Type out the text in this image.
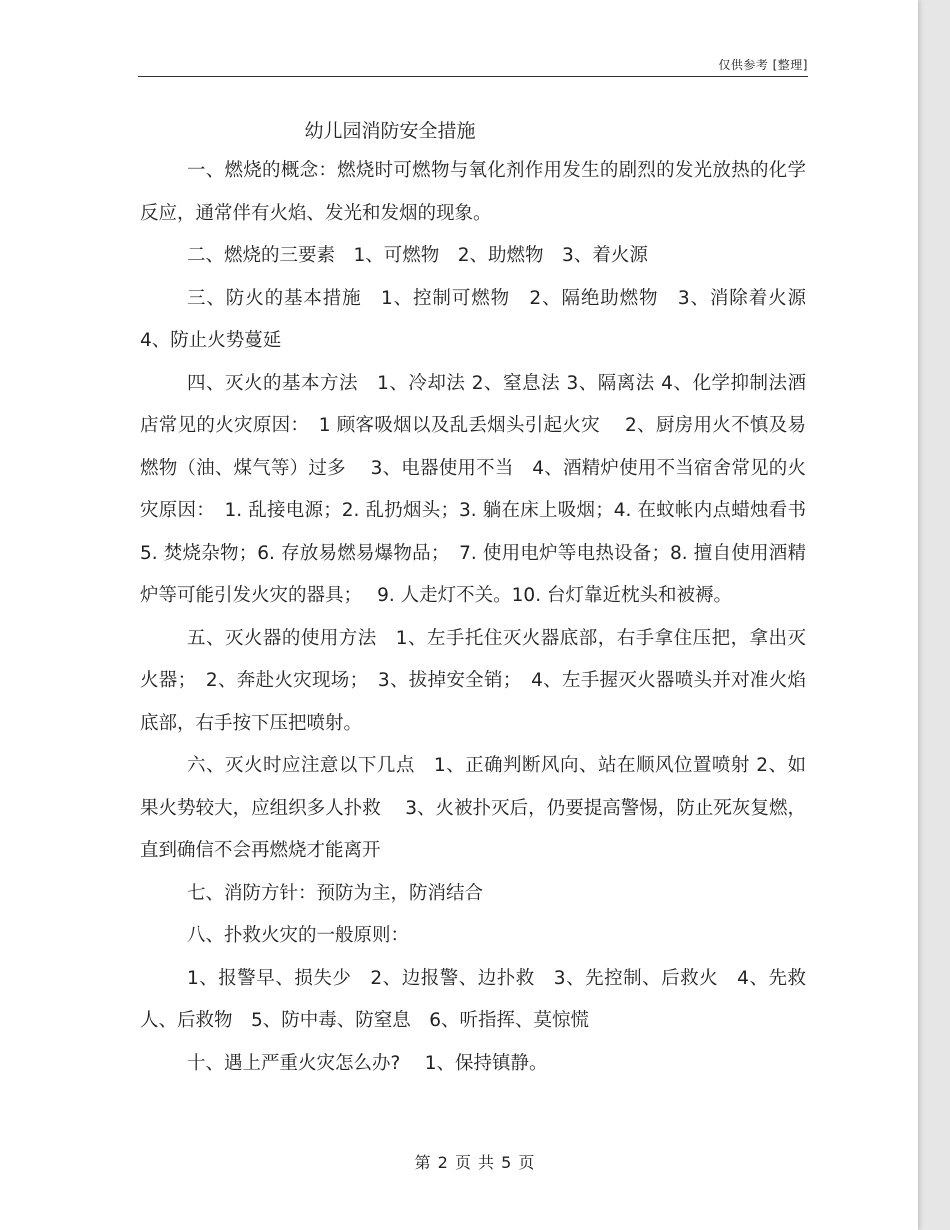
仅供参考 [整理]
幼儿园消防安全措施

一、燃烧的概念：燃烧时可燃物与氧化剂作用发生的剧烈的发光放热的化学反应，通常伴有火焰、发光和发烟的现象。

二、燃烧的三要素　1、可燃物　2、助燃物　3、着火源

三、防火的基本措施　1、控制可燃物　2、隔绝助燃物　3、消除着火源 4、防止火势蔓延

四、灭火的基本方法　1、冷却法 2、窒息法 3、隔离法 4、化学抑制法酒店常见的火灾原因：　1 顾客吸烟以及乱丢烟头引起火灾　 2、厨房用火不慎及易燃物（油、煤气等）过多　 3、电器使用不当　4、酒精炉使用不当宿舍常见的火灾原因：　1. 乱接电源；2. 乱扔烟头；3. 躺在床上吸烟；4. 在蚊帐内点蜡烛看书　5. 焚烧杂物；6. 存放易燃易爆物品；　7. 使用电炉等电热设备；8. 擅自使用酒精炉等可能引发火灾的器具；　 9. 人走灯不关。10. 台灯靠近枕头和被褥。

五、灭火器的使用方法　1、左手托住灭火器底部，右手拿住压把，拿出灭火器；　2、奔赴火灾现场；　3、拔掉安全销；　4、左手握灭火器喷头并对准火焰底部，右手按下压把喷射。

六、灭火时应注意以下几点　1、正确判断风向、站在顺风位置喷射 2、如果火势较大，应组织多人扑救　 3、火被扑灭后，仍要提高警惕，防止死灰复燃，直到确信不会再燃烧才能离开

七、消防方针：预防为主，防消结合

八、扑救火灾的一般原则：

1、报警早、损失少　2、边报警、边扑救　3、先控制、后救火　4、先救人、后救物　5、防中毒、防窒息　6、听指挥、莫惊慌

十、遇上严重火灾怎么办?　 1、保持镇静。

第 2 页 共 5 页
